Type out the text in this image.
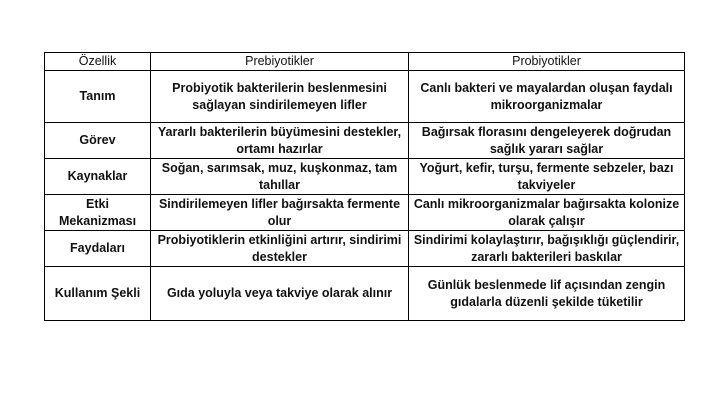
Özellik	Prebiyotikler	Probiyotikler
Tanım	Probiyotik bakterilerin beslenmesini sağlayan sindirilemeyen lifler	Canlı bakteri ve mayalardan oluşan faydalı mikroorganizmalar
Görev	Yararlı bakterilerin büyümesini destekler, ortamı hazırlar	Bağırsak florasını dengeleyerek doğrudan sağlık yararı sağlar
Kaynaklar	Soğan, sarımsak, muz, kuşkonmaz, tam tahıllar	Yoğurt, kefir, turşu, fermente sebzeler, bazı takviyeler
Etki Mekanizması	Sindirilemeyen lifler bağırsakta fermente olur	Canlı mikroorganizmalar bağırsakta kolonize olarak çalışır
Faydaları	Probiyotiklerin etkinliğini artırır, sindirimi destekler	Sindirimi kolaylaştırır, bağışıklığı güçlendirir, zararlı bakterileri baskılar
Kullanım Şekli	Gıda yoluyla veya takviye olarak alınır	Günlük beslenmede lif açısından zengin gıdalarla düzenli şekilde tüketilir
